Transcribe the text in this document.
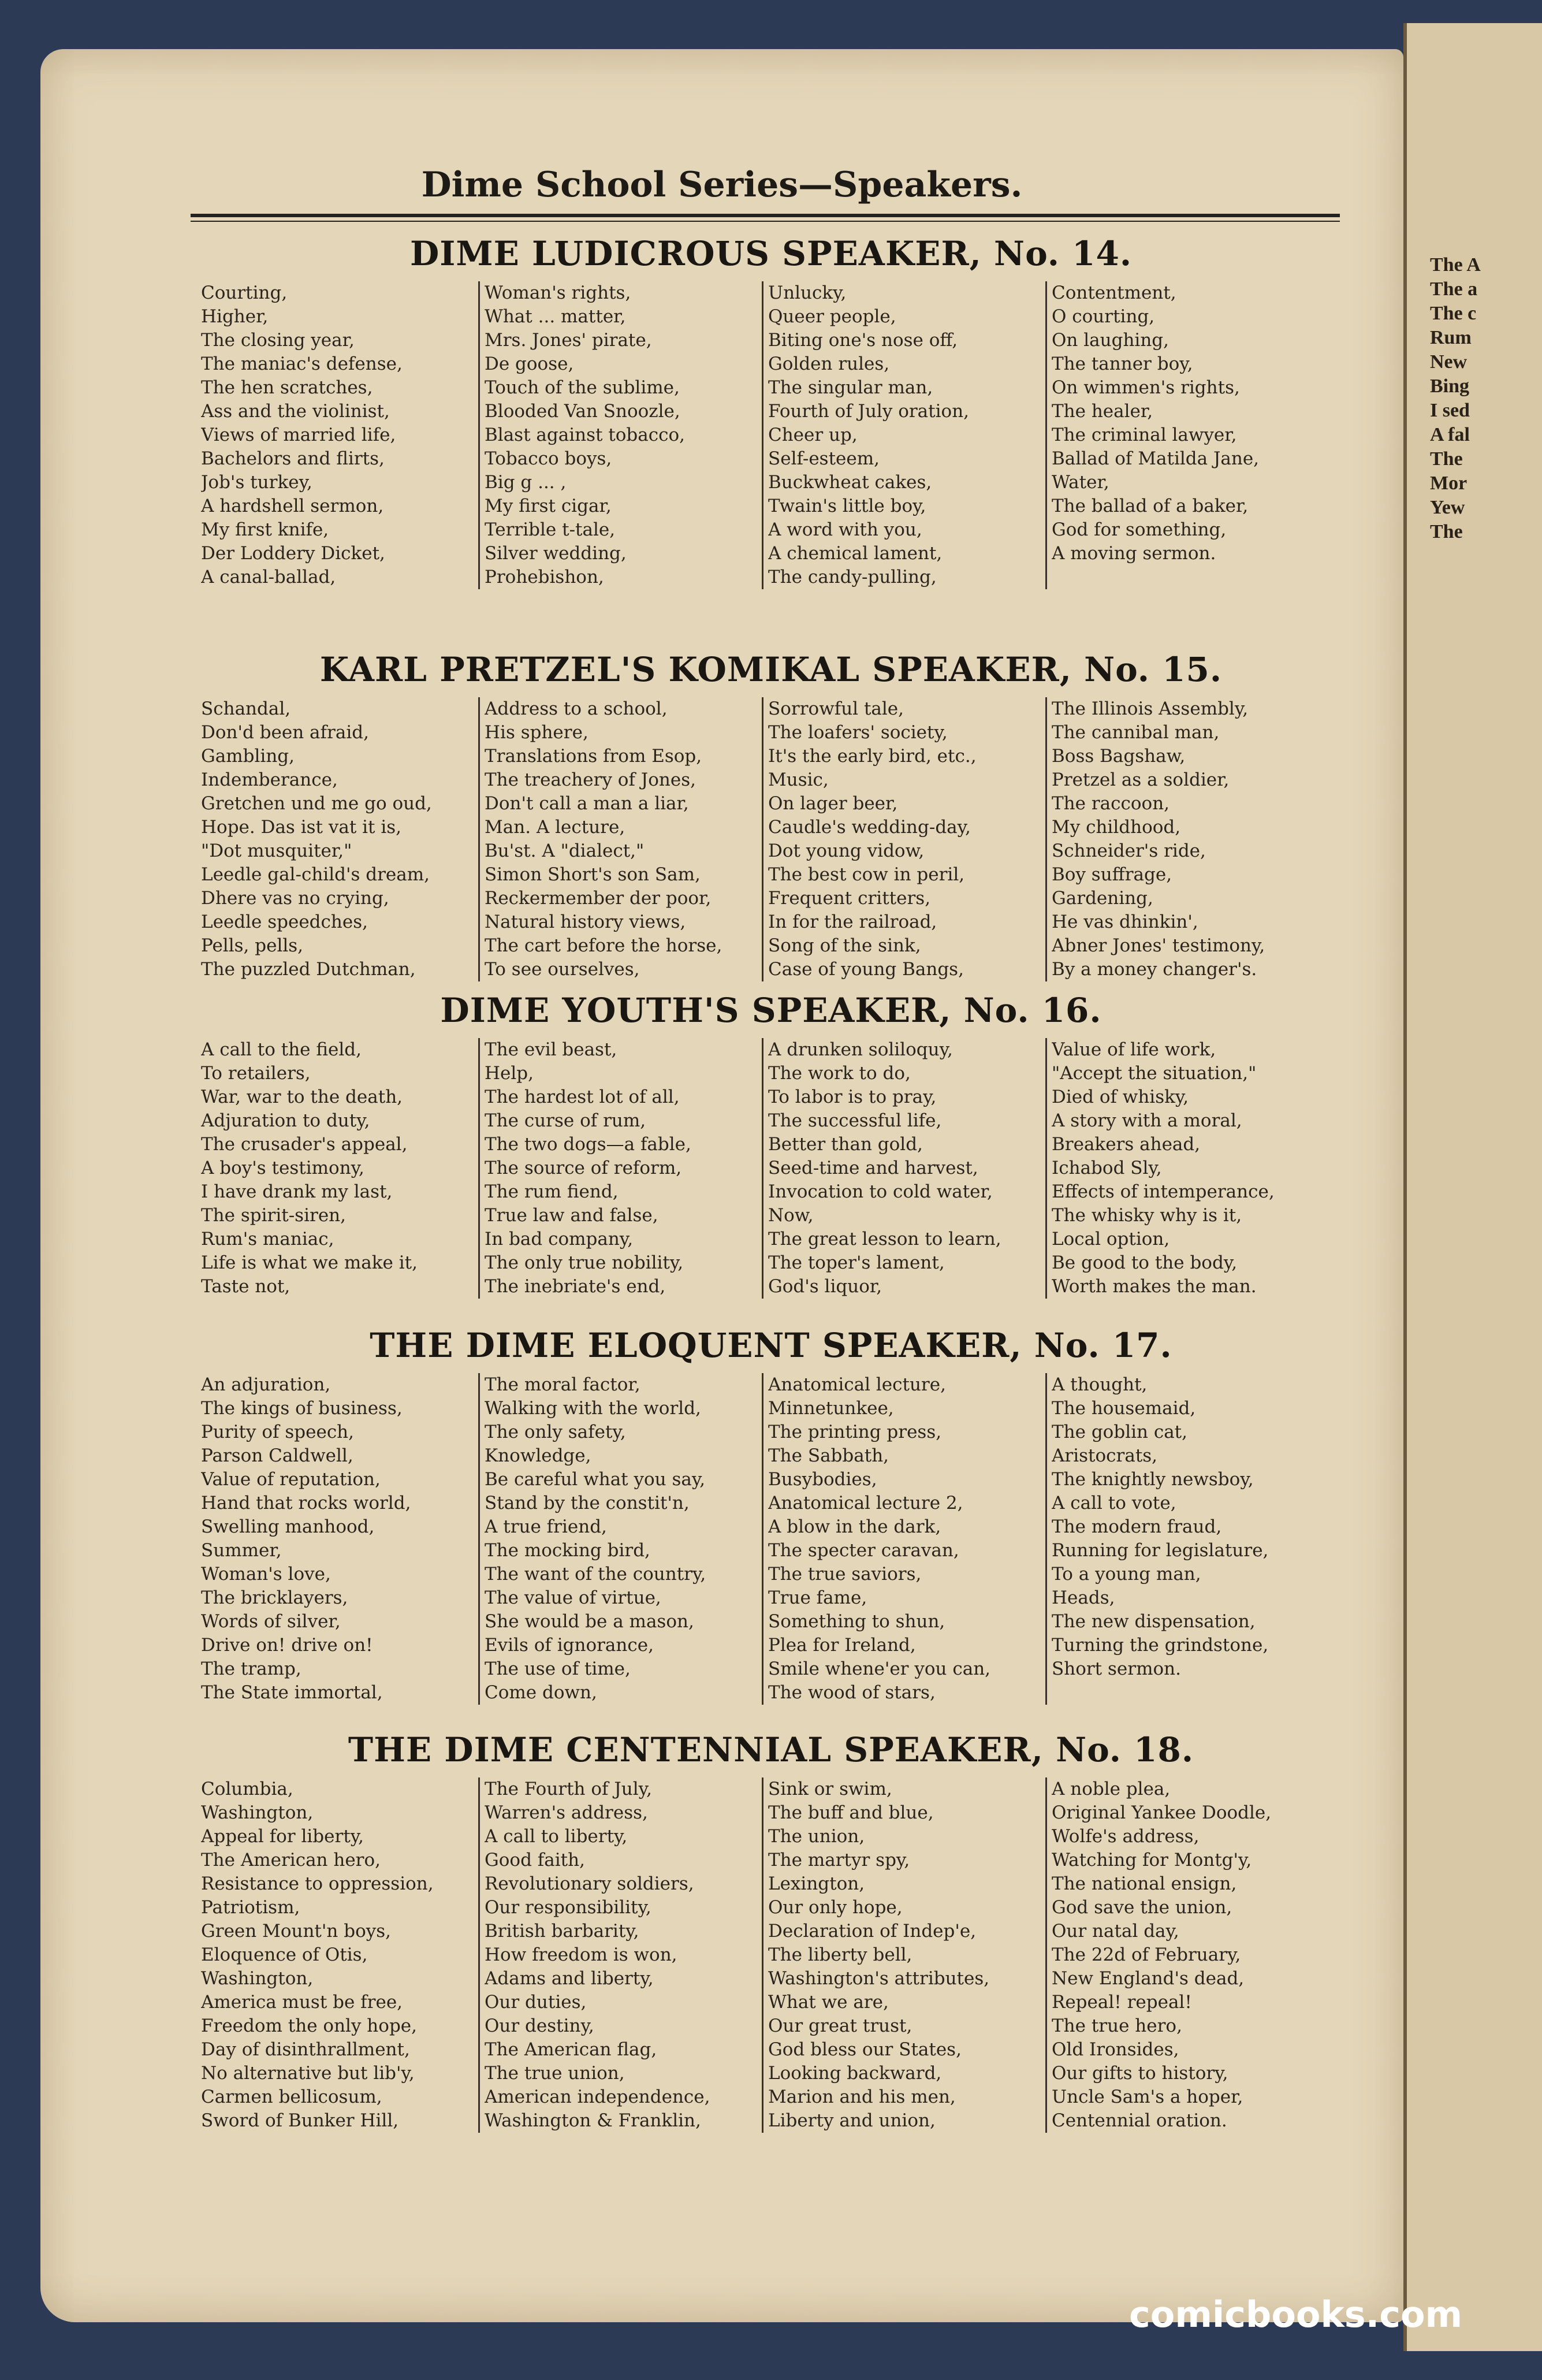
The A
The a
The c
Rum
New
Bing
I sed
A fal
The
Mor
Yew
The
Dime School Series—Speakers.
DIME LUDICROUS SPEAKER, No. 14.
Courting,
Higher,
The closing year,
The maniac's defense,
The hen scratches,
Ass and the violinist,
Views of married life,
Bachelors and flirts,
Job's turkey,
A hardshell sermon,
My first knife,
Der Loddery Dicket,
A canal-ballad,
Woman's rights,
What ... matter,
Mrs. Jones' pirate,
De goose,
Touch of the sublime,
Blooded Van Snoozle,
Blast against tobacco,
Tobacco boys,
Big g ... ,
My first cigar,
Terrible t-tale,
Silver wedding,
Prohebishon,
Unlucky,
Queer people,
Biting one's nose off,
Golden rules,
The singular man,
Fourth of July oration,
Cheer up,
Self-esteem,
Buckwheat cakes,
Twain's little boy,
A word with you,
A chemical lament,
The candy-pulling,
Contentment,
O courting,
On laughing,
The tanner boy,
On wimmen's rights,
The healer,
The criminal lawyer,
Ballad of Matilda Jane,
Water,
The ballad of a baker,
God for something,
A moving sermon.
KARL PRETZEL'S KOMIKAL SPEAKER, No. 15.
Schandal,
Don'd been afraid,
Gambling,
Indemberance,
Gretchen und me go oud,
Hope. Das ist vat it is,
"Dot musquiter,"
Leedle gal-child's dream,
Dhere vas no crying,
Leedle speedches,
Pells, pells,
The puzzled Dutchman,
Address to a school,
His sphere,
Translations from Esop,
The treachery of Jones,
Don't call a man a liar,
Man. A lecture,
Bu'st. A "dialect,"
Simon Short's son Sam,
Reckermember der poor,
Natural history views,
The cart before the horse,
To see ourselves,
Sorrowful tale,
The loafers' society,
It's the early bird, etc.,
Music,
On lager beer,
Caudle's wedding-day,
Dot young vidow,
The best cow in peril,
Frequent critters,
In for the railroad,
Song of the sink,
Case of young Bangs,
The Illinois Assembly,
The cannibal man,
Boss Bagshaw,
Pretzel as a soldier,
The raccoon,
My childhood,
Schneider's ride,
Boy suffrage,
Gardening,
He vas dhinkin',
Abner Jones' testimony,
By a money changer's.
DIME YOUTH'S SPEAKER, No. 16.
A call to the field,
To retailers,
War, war to the death,
Adjuration to duty,
The crusader's appeal,
A boy's testimony,
I have drank my last,
The spirit-siren,
Rum's maniac,
Life is what we make it,
Taste not,
The evil beast,
Help,
The hardest lot of all,
The curse of rum,
The two dogs—a fable,
The source of reform,
The rum fiend,
True law and false,
In bad company,
The only true nobility,
The inebriate's end,
A drunken soliloquy,
The work to do,
To labor is to pray,
The successful life,
Better than gold,
Seed-time and harvest,
Invocation to cold water,
Now,
The great lesson to learn,
The toper's lament,
God's liquor,
Value of life work,
"Accept the situation,"
Died of whisky,
A story with a moral,
Breakers ahead,
Ichabod Sly,
Effects of intemperance,
The whisky why is it,
Local option,
Be good to the body,
Worth makes the man.
THE DIME ELOQUENT SPEAKER, No. 17.
An adjuration,
The kings of business,
Purity of speech,
Parson Caldwell,
Value of reputation,
Hand that rocks world,
Swelling manhood,
Summer,
Woman's love,
The bricklayers,
Words of silver,
Drive on! drive on!
The tramp,
The State immortal,
The moral factor,
Walking with the world,
The only safety,
Knowledge,
Be careful what you say,
Stand by the constit'n,
A true friend,
The mocking bird,
The want of the country,
The value of virtue,
She would be a mason,
Evils of ignorance,
The use of time,
Come down,
Anatomical lecture,
Minnetunkee,
The printing press,
The Sabbath,
Busybodies,
Anatomical lecture 2,
A blow in the dark,
The specter caravan,
The true saviors,
True fame,
Something to shun,
Plea for Ireland,
Smile whene'er you can,
The wood of stars,
A thought,
The housemaid,
The goblin cat,
Aristocrats,
The knightly newsboy,
A call to vote,
The modern fraud,
Running for legislature,
To a young man,
Heads,
The new dispensation,
Turning the grindstone,
Short sermon.
THE DIME CENTENNIAL SPEAKER, No. 18.
Columbia,
Washington,
Appeal for liberty,
The American hero,
Resistance to oppression,
Patriotism,
Green Mount'n boys,
Eloquence of Otis,
Washington,
America must be free,
Freedom the only hope,
Day of disinthrallment,
No alternative but lib'y,
Carmen bellicosum,
Sword of Bunker Hill,
The Fourth of July,
Warren's address,
A call to liberty,
Good faith,
Revolutionary soldiers,
Our responsibility,
British barbarity,
How freedom is won,
Adams and liberty,
Our duties,
Our destiny,
The American flag,
The true union,
American independence,
Washington & Franklin,
Sink or swim,
The buff and blue,
The union,
The martyr spy,
Lexington,
Our only hope,
Declaration of Indep'e,
The liberty bell,
Washington's attributes,
What we are,
Our great trust,
God bless our States,
Looking backward,
Marion and his men,
Liberty and union,
A noble plea,
Original Yankee Doodle,
Wolfe's address,
Watching for Montg'y,
The national ensign,
God save the union,
Our natal day,
The 22d of February,
New England's dead,
Repeal! repeal!
The true hero,
Old Ironsides,
Our gifts to history,
Uncle Sam's a hoper,
Centennial oration.
comicbooks.com
